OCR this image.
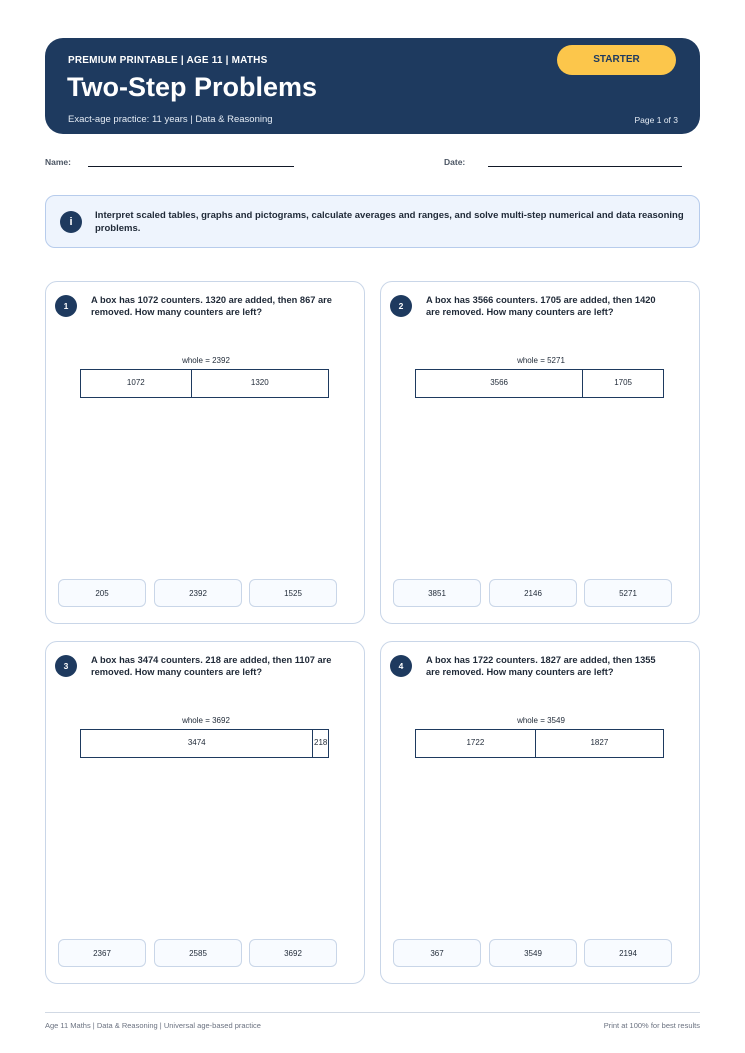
PREMIUM PRINTABLE | AGE 11 | MATHS
Two-Step Problems
Exact-age practice: 11 years | Data & Reasoning	Page 1 of 3
STARTER
Name:	Date:
i
Interpret scaled tables, graphs and pictograms, calculate averages and ranges, and solve multi-step numerical and data reasoning problems.
1
A box has 1072 counters. 1320 are added, then 867 are removed. How many counters are left?
whole = 2392
1072	1320
205	2392	1525
2
A box has 3566 counters. 1705 are added, then 1420 are removed. How many counters are left?
whole = 5271
3566	1705
3851	2146	5271
3
A box has 3474 counters. 218 are added, then 1107 are removed. How many counters are left?
whole = 3692
3474	218
2367	2585	3692
4
A box has 1722 counters. 1827 are added, then 1355 are removed. How many counters are left?
whole = 3549
1722	1827
367	3549	2194
Age 11 Maths | Data & Reasoning | Universal age-based practice	Print at 100% for best results
